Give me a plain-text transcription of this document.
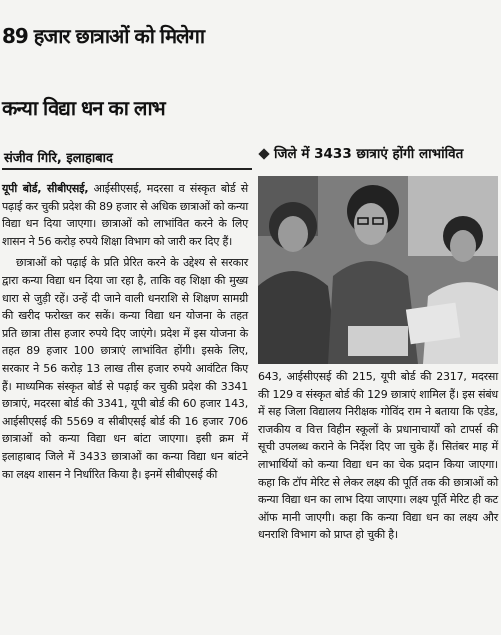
89 हजार छात्राओं को मिलेगा
कन्या विद्या धन का लाभ
संजीव गिरि, इलाहाबाद	जिले में 3433 छात्राएं होंगी लाभांवित

यूपी बोर्ड, सीबीएसई, आईसीएसई, मदरसा व संस्कृत बोर्ड से पढ़ाई कर चुकी प्रदेश की 89 हजार से अधिक छात्राओं को कन्या विद्या धन दिया जाएगा। छात्राओं को लाभांवित करने के लिए शासन ने 56 करोड़ रुपये शिक्षा विभाग को जारी कर दिए हैं।

छात्राओं को पढ़ाई के प्रति प्रेरित करने के उद्देश्य से सरकार द्वारा कन्या विद्या धन दिया जा रहा है, ताकि वह शिक्षा की मुख्य धारा से जुड़ी रहें। उन्हें दी जाने वाली धनराशि से शिक्षण सामग्री की खरीद फरोख्त कर सकें। कन्या विद्या धन योजना के तहत प्रति छात्रा तीस हजार रुपये दिए जाएंगे। प्रदेश में इस योजना के तहत 89 हजार 100 छात्राएं लाभांवित होंगी। इसके लिए, सरकार ने 56 करोड़ 13 लाख तीस हजार रुपये आवंटित किए हैं। माध्यमिक संस्कृत बोर्ड से पढ़ाई कर चुकी प्रदेश की 3341 छात्राएं, मदरसा बोर्ड की 3341, यूपी बोर्ड की 60 हजार 143, आईसीएसई की 5569 व सीबीएसई बोर्ड की 16 हजार 706 छात्राओं को कन्या विद्या धन बांटा जाएगा। इसी क्रम में इलाहाबाद जिले में 3433 छात्राओं का कन्या विद्या धन बांटने का लक्ष्य शासन ने निर्धारित किया है। इनमें सीबीएसई की

643, आईसीएसई की 215, यूपी बोर्ड की 2317, मदरसा की 129 व संस्कृत बोर्ड की 129 छात्राएं शामिल हैं। इस संबंध में सह जिला विद्यालय निरीक्षक गोविंद राम ने बताया कि एडेड, राजकीय व वित्त विहीन स्कूलों के प्रधानाचार्यों को टापर्स की सूची उपलब्ध कराने के निर्देश दिए जा चुके हैं। सितंबर माह में लाभार्थियों को कन्या विद्या धन का चेक प्रदान किया जाएगा। कहा कि टॉप मेरिट से लेकर लक्ष्य की पूर्ति तक की छात्राओं को कन्या विद्या धन का लाभ दिया जाएगा। लक्ष्य पूर्ति मेरिट ही कट ऑफ मानी जाएगी। कहा कि कन्या विद्या धन का लक्ष्य और धनराशि विभाग को प्राप्त हो चुकी है।
